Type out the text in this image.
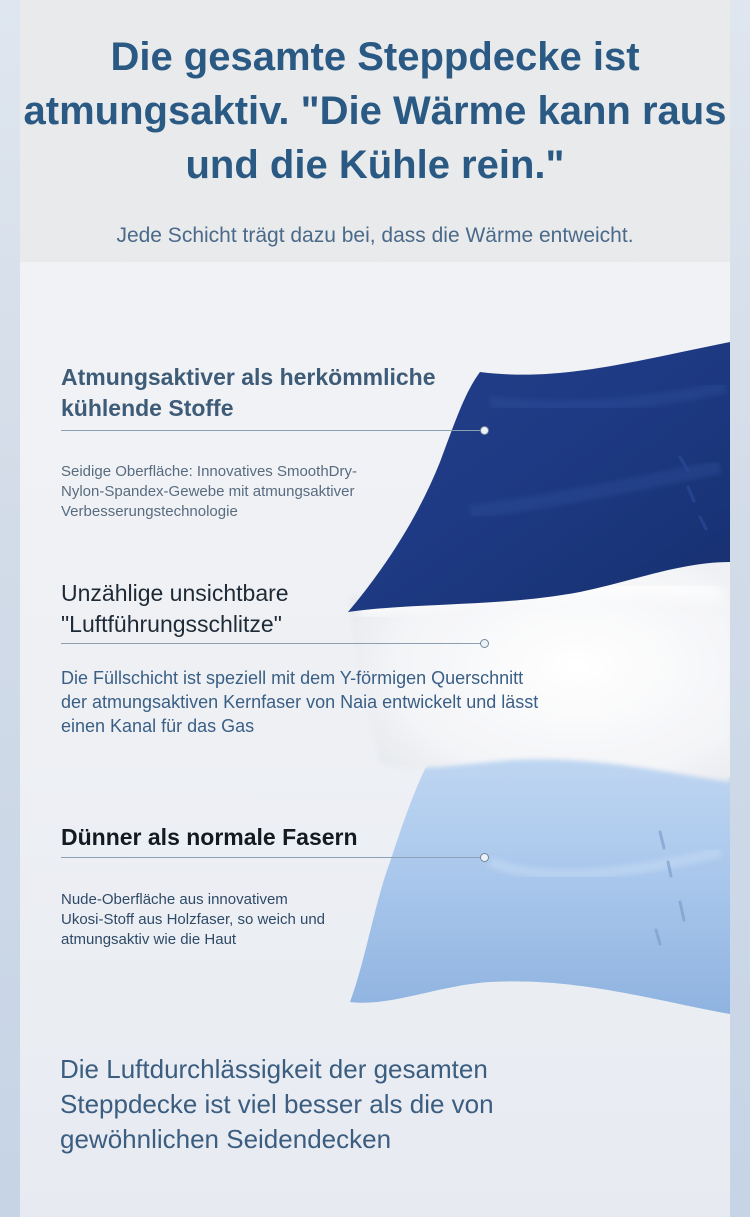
Die gesamte Steppdecke ist atmungsaktiv. "Die Wärme kann raus und die Kühle rein."

Jede Schicht trägt dazu bei, dass die Wärme entweicht.

Atmungsaktiver als herkömmliche kühlende Stoffe

Seidige Oberfläche: Innovatives SmoothDry-Nylon-Spandex-Gewebe mit atmungsaktiver Verbesserungstechnologie

Unzählige unsichtbare "Luftführungsschlitze"

Die Füllschicht ist speziell mit dem Y-förmigen Querschnitt der atmungsaktiven Kernfaser von Naia entwickelt und lässt einen Kanal für das Gas

Dünner als normale Fasern

Nude-Oberfläche aus innovativem Ukosi-Stoff aus Holzfaser, so weich und atmungsaktiv wie die Haut

Die Luftdurchlässigkeit der gesamten Steppdecke ist viel besser als die von gewöhnlichen Seidendecken
